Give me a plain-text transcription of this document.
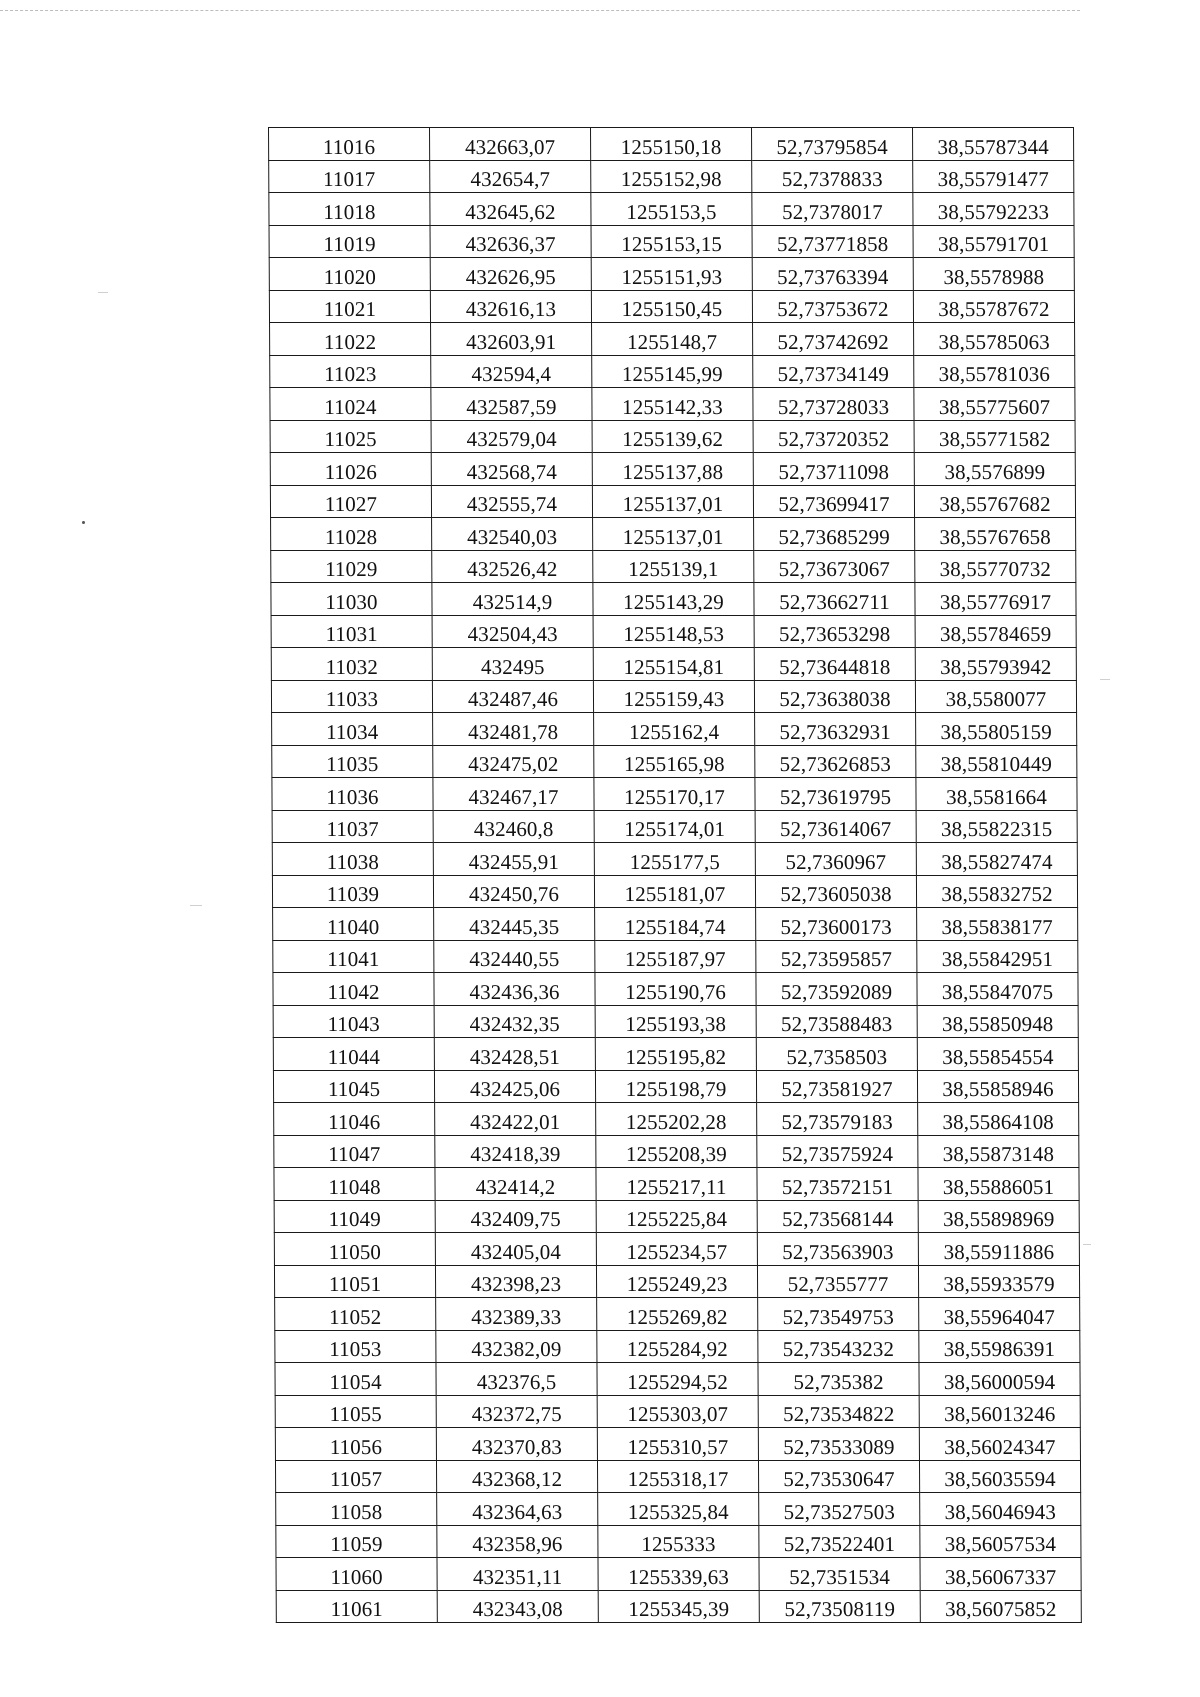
11016	432663,07	1255150,18	52,73795854	38,55787344
11017	432654,7	1255152,98	52,7378833	38,55791477
11018	432645,62	1255153,5	52,7378017	38,55792233
11019	432636,37	1255153,15	52,73771858	38,55791701
11020	432626,95	1255151,93	52,73763394	38,5578988
11021	432616,13	1255150,45	52,73753672	38,55787672
11022	432603,91	1255148,7	52,73742692	38,55785063
11023	432594,4	1255145,99	52,73734149	38,55781036
11024	432587,59	1255142,33	52,73728033	38,55775607
11025	432579,04	1255139,62	52,73720352	38,55771582
11026	432568,74	1255137,88	52,73711098	38,5576899
11027	432555,74	1255137,01	52,73699417	38,55767682
11028	432540,03	1255137,01	52,73685299	38,55767658
11029	432526,42	1255139,1	52,73673067	38,55770732
11030	432514,9	1255143,29	52,73662711	38,55776917
11031	432504,43	1255148,53	52,73653298	38,55784659
11032	432495	1255154,81	52,73644818	38,55793942
11033	432487,46	1255159,43	52,73638038	38,5580077
11034	432481,78	1255162,4	52,73632931	38,55805159
11035	432475,02	1255165,98	52,73626853	38,55810449
11036	432467,17	1255170,17	52,73619795	38,5581664
11037	432460,8	1255174,01	52,73614067	38,55822315
11038	432455,91	1255177,5	52,7360967	38,55827474
11039	432450,76	1255181,07	52,73605038	38,55832752
11040	432445,35	1255184,74	52,73600173	38,55838177
11041	432440,55	1255187,97	52,73595857	38,55842951
11042	432436,36	1255190,76	52,73592089	38,55847075
11043	432432,35	1255193,38	52,73588483	38,55850948
11044	432428,51	1255195,82	52,7358503	38,55854554
11045	432425,06	1255198,79	52,73581927	38,55858946
11046	432422,01	1255202,28	52,73579183	38,55864108
11047	432418,39	1255208,39	52,73575924	38,55873148
11048	432414,2	1255217,11	52,73572151	38,55886051
11049	432409,75	1255225,84	52,73568144	38,55898969
11050	432405,04	1255234,57	52,73563903	38,55911886
11051	432398,23	1255249,23	52,7355777	38,55933579
11052	432389,33	1255269,82	52,73549753	38,55964047
11053	432382,09	1255284,92	52,73543232	38,55986391
11054	432376,5	1255294,52	52,735382	38,56000594
11055	432372,75	1255303,07	52,73534822	38,56013246
11056	432370,83	1255310,57	52,73533089	38,56024347
11057	432368,12	1255318,17	52,73530647	38,56035594
11058	432364,63	1255325,84	52,73527503	38,56046943
11059	432358,96	1255333	52,73522401	38,56057534
11060	432351,11	1255339,63	52,7351534	38,56067337
11061	432343,08	1255345,39	52,73508119	38,56075852
